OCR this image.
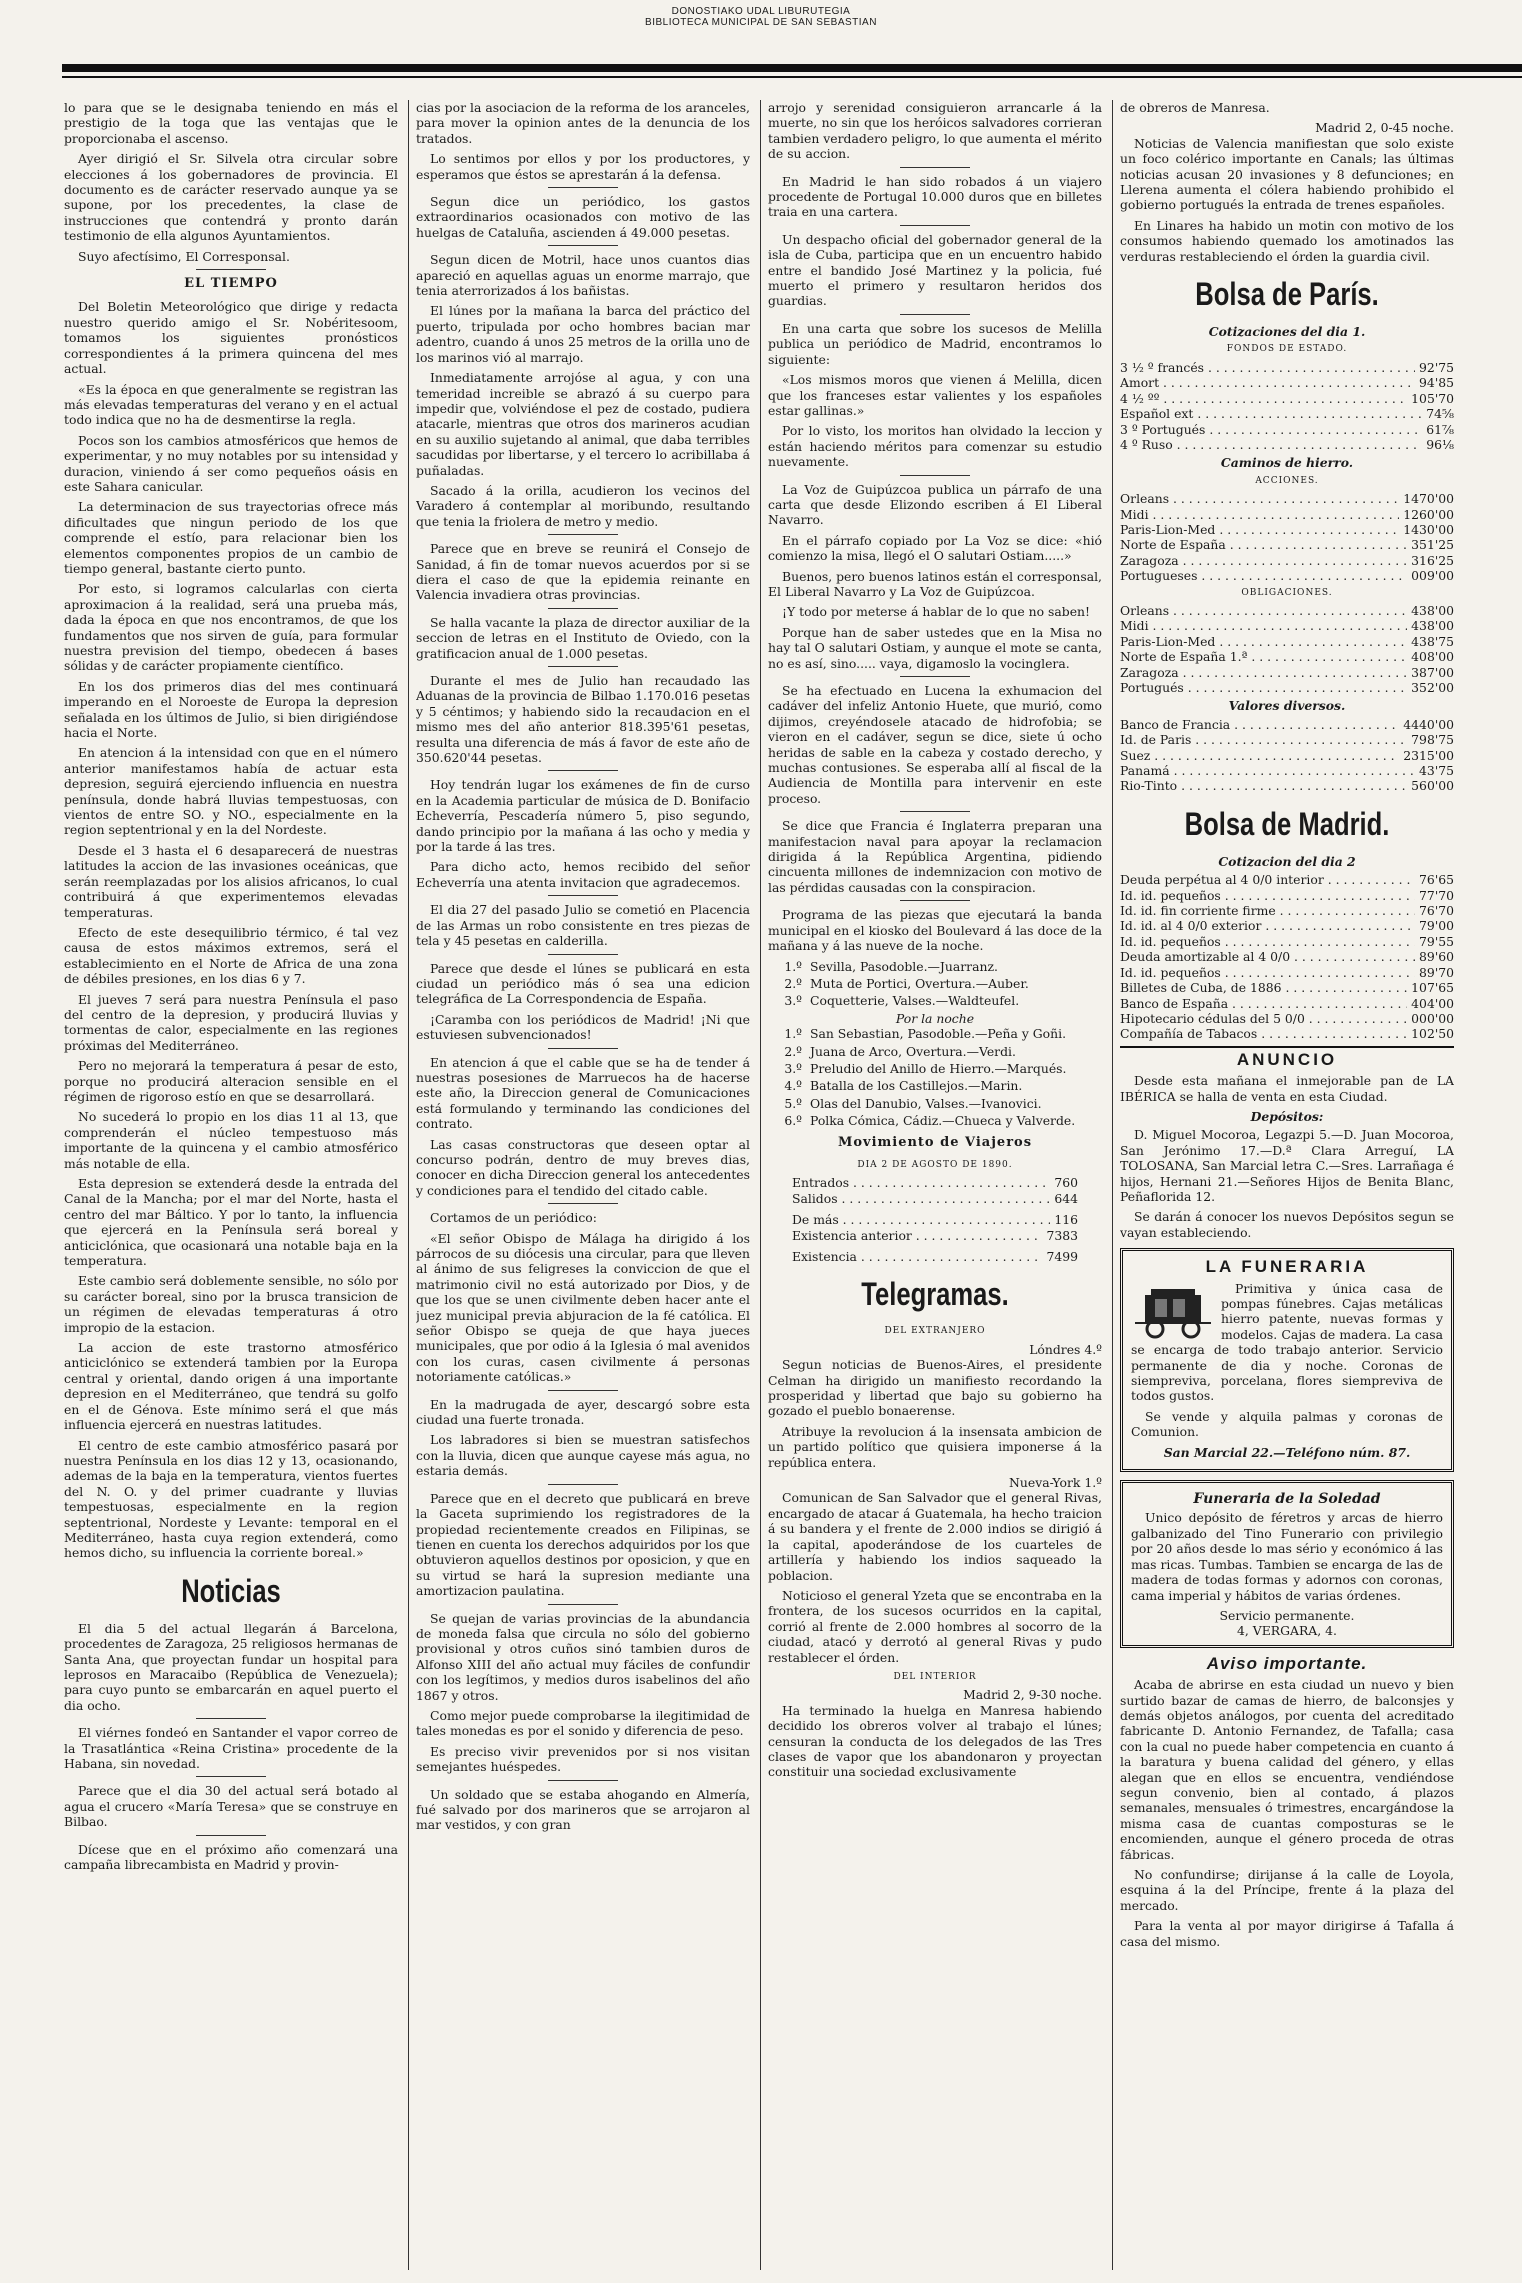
DONOSTIAKO UDAL LIBURUTEGIA
BIBLIOTECA MUNICIPAL DE SAN SEBASTIAN

lo para que se le designaba teniendo en más el prestigio de la toga que las ventajas que le proporcionaba el ascenso.

Ayer dirigió el Sr. Silvela otra circular sobre elecciones á los gobernadores de provincia. El documento es de carácter reservado aunque ya se supone, por los precedentes, la clase de instrucciones que contendrá y pronto darán testimonio de ella algunos Ayuntamientos.

Suyo afectísimo, El Corresponsal.

EL TIEMPO

Del Boletin Meteorológico que dirige y redacta nuestro querido amigo el Sr. Nobéritesoom, tomamos los siguientes pronósticos correspondientes á la primera quincena del mes actual.

«Es la época en que generalmente se registran las más elevadas temperaturas del verano y en el actual todo indica que no ha de desmentirse la regla.

Pocos son los cambios atmosféricos que hemos de experimentar, y no muy notables por su intensidad y duracion, viniendo á ser como pequeños oásis en este Sahara canicular.

La determinacion de sus trayectorias ofrece más dificultades que ningun periodo de los que comprende el estío, para relacionar bien los elementos componentes propios de un cambio de tiempo general, bastante cierto punto.

Por esto, si logramos calcularlas con cierta aproximacion á la realidad, será una prueba más, dada la época en que nos encontramos, de que los fundamentos que nos sirven de guía, para formular nuestra prevision del tiempo, obedecen á bases sólidas y de carácter propiamente científico.

En los dos primeros dias del mes continuará imperando en el Noroeste de Europa la depresion señalada en los últimos de Julio, si bien dirigiéndose hacia el Norte.

En atencion á la intensidad con que en el número anterior manifestamos había de actuar esta depresion, seguirá ejerciendo influencia en nuestra península, donde habrá lluvias tempestuosas, con vientos de entre SO. y NO., especialmente en la region septentrional y en la del Nordeste.

Desde el 3 hasta el 6 desaparecerá de nuestras latitudes la accion de las invasiones oceánicas, que serán reemplazadas por los alisios africanos, lo cual contribuirá á que experimentemos elevadas temperaturas.

Efecto de este desequilibrio térmico, é tal vez causa de estos máximos extremos, será el establecimiento en el Norte de Africa de una zona de débiles presiones, en los dias 6 y 7.

El jueves 7 será para nuestra Península el paso del centro de la depresion, y producirá lluvias y tormentas de calor, especialmente en las regiones próximas del Mediterráneo.

Pero no mejorará la temperatura á pesar de esto, porque no producirá alteracion sensible en el régimen de rigoroso estío en que se desarrollará.

No sucederá lo propio en los dias 11 al 13, que comprenderán el núcleo tempestuoso más importante de la quincena y el cambio atmosférico más notable de ella.

Esta depresion se extenderá desde la entrada del Canal de la Mancha; por el mar del Norte, hasta el centro del mar Báltico. Y por lo tanto, la influencia que ejercerá en la Península será boreal y anticiclónica, que ocasionará una notable baja en la temperatura.

Este cambio será doblemente sensible, no sólo por su carácter boreal, sino por la brusca transicion de un régimen de elevadas temperaturas á otro impropio de la estacion.

La accion de este trastorno atmosférico anticiclónico se extenderá tambien por la Europa central y oriental, dando origen á una importante depresion en el Mediterráneo, que tendrá su golfo en el de Génova. Este mínimo será el que más influencia ejercerá en nuestras latitudes.

El centro de este cambio atmosférico pasará por nuestra Península en los dias 12 y 13, ocasionando, ademas de la baja en la temperatura, vientos fuertes del N. O. y del primer cuadrante y lluvias tempestuosas, especialmente en la region septentrional, Nordeste y Levante: temporal en el Mediterráneo, hasta cuya region extenderá, como hemos dicho, su influencia la corriente boreal.»

Noticias

El dia 5 del actual llegarán á Barcelona, procedentes de Zaragoza, 25 religiosos hermanas de Santa Ana, que proyectan fundar un hospital para leprosos en Maracaibo (República de Venezuela); para cuyo punto se embarcarán en aquel puerto el dia ocho.

El viérnes fondeó en Santander el vapor correo de la Trasatlántica «Reina Cristina» procedente de la Habana, sin novedad.

Parece que el dia 30 del actual será botado al agua el crucero «María Teresa» que se construye en Bilbao.

Dícese que en el próximo año comenzará una campaña librecambista en Madrid y provin-

cias por la asociacion de la reforma de los aranceles, para mover la opinion antes de la denuncia de los tratados.

Lo sentimos por ellos y por los productores, y esperamos que éstos se aprestarán á la defensa.

Segun dice un periódico, los gastos extraordinarios ocasionados con motivo de las huelgas de Cataluña, ascienden á 49.000 pesetas.

Segun dicen de Motril, hace unos cuantos dias apareció en aquellas aguas un enorme marrajo, que tenia aterrorizados á los bañistas.

El lúnes por la mañana la barca del práctico del puerto, tripulada por ocho hombres bacian mar adentro, cuando á unos 25 metros de la orilla uno de los marinos vió al marrajo.

Inmediatamente arrojóse al agua, y con una temeridad increible se abrazó á su cuerpo para impedir que, volviéndose el pez de costado, pudiera atacarle, mientras que otros dos marineros acudian en su auxilio sujetando al animal, que daba terribles sacudidas por libertarse, y el tercero lo acribillaba á puñaladas.

Sacado á la orilla, acudieron los vecinos del Varadero á contemplar al moribundo, resultando que tenia la friolera de metro y medio.

Parece que en breve se reunirá el Consejo de Sanidad, á fin de tomar nuevos acuerdos por si se diera el caso de que la epidemia reinante en Valencia invadiera otras provincias.

Se halla vacante la plaza de director auxiliar de la seccion de letras en el Instituto de Oviedo, con la gratificacion anual de 1.000 pesetas.

Durante el mes de Julio han recaudado las Aduanas de la provincia de Bilbao 1.170.016 pesetas y 5 céntimos; y habiendo sido la recaudacion en el mismo mes del año anterior 818.395'61 pesetas, resulta una diferencia de más á favor de este año de 350.620'44 pesetas.

Hoy tendrán lugar los exámenes de fin de curso en la Academia particular de música de D. Bonifacio Echeverría, Pescadería número 5, piso segundo, dando principio por la mañana á las ocho y media y por la tarde á las tres.

Para dicho acto, hemos recibido del señor Echeverría una atenta invitacion que agradecemos.

El dia 27 del pasado Julio se cometió en Placencia de las Armas un robo consistente en tres piezas de tela y 45 pesetas en calderilla.

Parece que desde el lúnes se publicará en esta ciudad un periódico más ó sea una edicion telegráfica de La Correspondencia de España.

¡Caramba con los periódicos de Madrid! ¡Ni que estuviesen subvencionados!

En atencion á que el cable que se ha de tender á nuestras posesiones de Marruecos ha de hacerse este año, la Direccion general de Comunicaciones está formulando y terminando las condiciones del contrato.

Las casas constructoras que deseen optar al concurso podrán, dentro de muy breves dias, conocer en dicha Direccion general los antecedentes y condiciones para el tendido del citado cable.

Cortamos de un periódico:

«El señor Obispo de Málaga ha dirigido á los párrocos de su diócesis una circular, para que lleven al ánimo de sus feligreses la conviccion de que el matrimonio civil no está autorizado por Dios, y de que los que se unen civilmente deben hacer ante el juez municipal previa abjuracion de la fé católica. El señor Obispo se queja de que haya jueces municipales, que por odio á la Iglesia ó mal avenidos con los curas, casen civilmente á personas notoriamente católicas.»

En la madrugada de ayer, descargó sobre esta ciudad una fuerte tronada.

Los labradores si bien se muestran satisfechos con la lluvia, dicen que aunque cayese más agua, no estaria demás.

Parece que en el decreto que publicará en breve la Gaceta suprimiendo los registradores de la propiedad recientemente creados en Filipinas, se tienen en cuenta los derechos adquiridos por los que obtuvieron aquellos destinos por oposicion, y que en su virtud se hará la supresion mediante una amortizacion paulatina.

Se quejan de varias provincias de la abundancia de moneda falsa que circula no sólo del gobierno provisional y otros cuños sinó tambien duros de Alfonso XIII del año actual muy fáciles de confundir con los legítimos, y medios duros isabelinos del año 1867 y otros.

Como mejor puede comprobarse la ilegitimidad de tales monedas es por el sonido y diferencia de peso.

Es preciso vivir prevenidos por si nos visitan semejantes huéspedes.

Un soldado que se estaba ahogando en Almería, fué salvado por dos marineros que se arrojaron al mar vestidos, y con gran

arrojo y serenidad consiguieron arrancarle á la muerte, no sin que los heróicos salvadores corrieran tambien verdadero peligro, lo que aumenta el mérito de su accion.

En Madrid le han sido robados á un viajero procedente de Portugal 10.000 duros que en billetes traia en una cartera.

Un despacho oficial del gobernador general de la isla de Cuba, participa que en un encuentro habido entre el bandido José Martinez y la policia, fué muerto el primero y resultaron heridos dos guardias.

En una carta que sobre los sucesos de Melilla publica un periódico de Madrid, encontramos lo siguiente:

«Los mismos moros que vienen á Melilla, dicen que los franceses estar valientes y los españoles estar gallinas.»

Por lo visto, los moritos han olvidado la leccion y están haciendo méritos para comenzar su estudio nuevamente.

La Voz de Guipúzcoa publica un párrafo de una carta que desde Elizondo escriben á El Liberal Navarro.

En el párrafo copiado por La Voz se dice: «hió comienzo la misa, llegó el O salutari Ostiam.....»

Buenos, pero buenos latinos están el corresponsal, El Liberal Navarro y La Voz de Guipúzcoa.

¡Y todo por meterse á hablar de lo que no saben!

Porque han de saber ustedes que en la Misa no hay tal O salutari Ostiam, y aunque el mote se canta, no es así, sino..... vaya, digamoslo la vocinglera.

Se ha efectuado en Lucena la exhumacion del cadáver del infeliz Antonio Huete, que murió, como dijimos, creyéndosele atacado de hidrofobia; se vieron en el cadáver, segun se dice, siete ú ocho heridas de sable en la cabeza y costado derecho, y muchas contusiones. Se esperaba allí al fiscal de la Audiencia de Montilla para intervenir en este proceso.

Se dice que Francia é Inglaterra preparan una manifestacion naval para apoyar la reclamacion dirigida á la República Argentina, pidiendo cincuenta millones de indemnizacion con motivo de las pérdidas causadas con la conspiracion.

Programa de las piezas que ejecutará la banda municipal en el kiosko del Boulevard á las doce de la mañana y á las nueve de la noche.

1.º Sevilla, Pasodoble.—Juarranz.
2.º Muta de Portici, Overtura.—Auber.
3.º Coquetterie, Valses.—Waldteufel.
Por la noche
1.º San Sebastian, Pasodoble.—Peña y Goñi.
2.º Juana de Arco, Overtura.—Verdi.
3.º Preludio del Anillo de Hierro.—Marqués.
4.º Batalla de los Castillejos.—Marin.
5.º Olas del Danubio, Valses.—Ivanovici.
6.º Polka Cómica, Cádiz.—Chueca y Valverde.
Movimiento de Viajeros
DIA 2 DE AGOSTO DE 1890.
Entrados . . .	760
Salidos . . .	644
De más . . .	116
Existencia anterior . . .	7383
Existencia . . .	7499
Telegramas.
DEL EXTRANJERO
Lóndres 4.º

Segun noticias de Buenos-Aires, el presidente Celman ha dirigido un manifiesto recordando la prosperidad y libertad que bajo su gobierno ha gozado el pueblo bonaerense.

Atribuye la revolucion á la insensata ambicion de un partido político que quisiera imponerse á la república entera.

Nueva-York 1.º

Comunican de San Salvador que el general Rivas, encargado de atacar á Guatemala, ha hecho traicion á su bandera y el frente de 2.000 indios se dirigió á la capital, apoderándose de los cuarteles de artillería y habiendo los indios saqueado la poblacion.

Noticioso el general Yzeta que se encontraba en la frontera, de los sucesos ocurridos en la capital, corrió al frente de 2.000 hombres al socorro de la ciudad, atacó y derrotó al general Rivas y pudo restablecer el órden.

DEL INTERIOR
Madrid 2, 9-30 noche.

Ha terminado la huelga en Manresa habiendo decidido los obreros volver al trabajo el lúnes; censuran la conducta de los delegados de las Tres clases de vapor que los abandonaron y proyectan constituir una sociedad exclusivamente

de obreros de Manresa.

Madrid 2, 0-45 noche.

Noticias de Valencia manifiestan que solo existe un foco colérico importante en Canals; las últimas noticias acusan 20 invasiones y 8 defunciones; en Llerena aumenta el cólera habiendo prohibido el gobierno portugués la entrada de trenes españoles.

En Linares ha habido un motin con motivo de los consumos habiendo quemado los amotinados las verduras restableciendo el órden la guardia civil.

Bolsa de París.
Cotizaciones del dia 1.
FONDOS DE ESTADO.
3 ½ º francés . . .	92'75
Amort . . .	94'85
4 ½ ºº . . .	105'70
Español ext . . .	74⅝
3 º Portugués . . .	61⅞
4 º Ruso . . .	96⅛
Caminos de hierro.
ACCIONES.
Orleans . . .	1470'00
Midi . . .	1260'00
Paris-Lion-Med . . .	1430'00
Norte de España . . .	351'25
Zaragoza . . .	316'25
Portugueses . . .	009'00
OBLIGACIONES.
Orleans . . .	438'00
Midi . . .	438'00
Paris-Lion-Med . . .	438'75
Norte de España 1.ª . . .	408'00
Zaragoza . . .	387'00
Portugués . . .	352'00
Valores diversos.
Banco de Francia . . .	4440'00
Id. de Paris . . .	798'75
Suez . . .	2315'00
Panamá . . .	43'75
Rio-Tinto . . .	560'00
Bolsa de Madrid.
Cotizacion del dia 2
Deuda perpétua al 4 0/0 interior . . .	76'65
Id. id. pequeños . . .	77'70
Id. id. fin corriente firme . . .	76'70
Id. id. al 4 0/0 exterior . . .	79'00
Id. id. pequeños . . .	79'55
Deuda amortizable al 4 0/0 . . .	89'60
Id. id. pequeños . . .	89'70
Billetes de Cuba, de 1886 . . .	107'65
Banco de España . . .	404'00
Hipotecario cédulas del 5 0/0 . . .	000'00
Compañía de Tabacos . . .	102'50
ANUNCIO

Desde esta mañana el inmejorable pan de LA IBÉRICA se halla de venta en esta Ciudad.

Depósitos:

D. Miguel Mocoroa, Legazpi 5.—D. Juan Mocoroa, San Jerónimo 17.—D.ª Clara Arreguí, LA TOLOSANA, San Marcial letra C.—Sres. Larrañaga é hijos, Hernani 21.—Señores Hijos de Benita Blanc, Peñaflorida 12.

Se darán á conocer los nuevos Depósitos segun se vayan estableciendo.

LA FUNERARIA

Primitiva y única casa de pompas fúnebres. Cajas metálicas hierro patente, nuevas formas y modelos. Cajas de madera. La casa se encarga de todo trabajo anterior. Servicio permanente de dia y noche. Coronas de siempreviva, porcelana, flores siempreviva de todos gustos.

Se vende y alquila palmas y coronas de Comunion.

San Marcial 22.—Teléfono núm. 87.
Funeraria de la Soledad

Unico depósito de féretros y arcas de hierro galbanizado del Tino Funerario con privilegio por 20 años desde lo mas sério y económico á las mas ricas. Tumbas. Tambien se encarga de las de madera de todas formas y adornos con coronas, cama imperial y hábitos de varias órdenes.

Servicio permanente.
4, VERGARA, 4.
Aviso importante.

Acaba de abrirse en esta ciudad un nuevo y bien surtido bazar de camas de hierro, de balconsjes y demás objetos análogos, por cuenta del acreditado fabricante D. Antonio Fernandez, de Tafalla; casa con la cual no puede haber competencia en cuanto á la baratura y buena calidad del género, y ellas alegan que en ellos se encuentra, vendiéndose segun convenio, bien al contado, á plazos semanales, mensuales ó trimestres, encargándose la misma casa de cuantas composturas se le encomienden, aunque el género proceda de otras fábricas.

No confundirse; dirijanse á la calle de Loyola, esquina á la del Príncipe, frente á la plaza del mercado.

Para la venta al por mayor dirigirse á Tafalla á casa del mismo.
